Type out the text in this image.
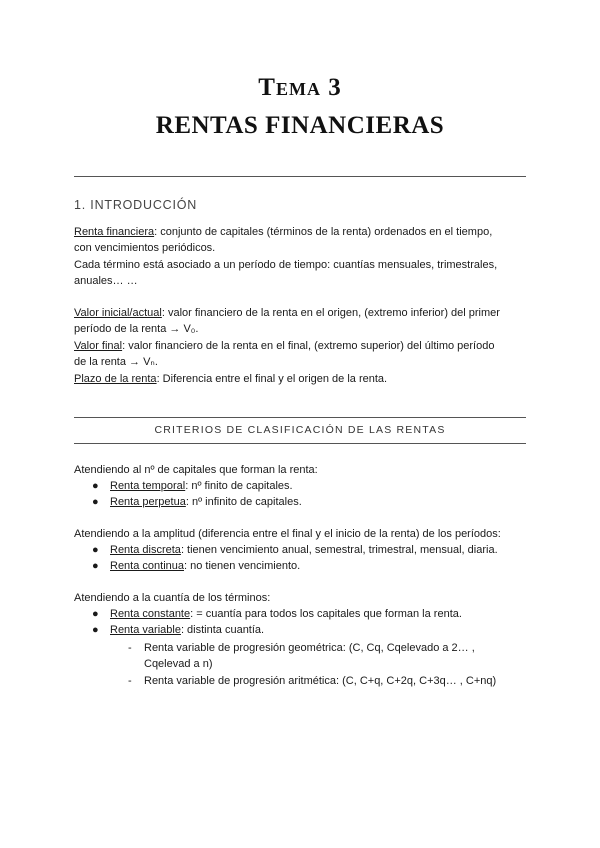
Tema 3
RENTAS FINANCIERAS
1. INTRODUCCIÓN

Renta financiera: conjunto de capitales (términos de la renta) ordenados en el tiempo,
con vencimientos periódicos.

Cada término está asociado a un período de tiempo: cuantías mensuales, trimestrales,
anuales… …

Valor inicial/actual: valor financiero de la renta en el origen, (extremo inferior) del primer
período de la renta → V₀.

Valor final: valor financiero de la renta en el final, (extremo superior) del último período
de la renta → Vₙ.

Plazo de la renta: Diferencia entre el final y el origen de la renta.

CRITERIOS DE CLASIFICACIÓN DE LAS RENTAS

Atendiendo al nº de capitales que forman la renta:

● Renta temporal: nº finito de capitales.
● Renta perpetua: nº infinito de capitales.

Atendiendo a la amplitud (diferencia entre el final y el inicio de la renta) de los períodos:

● Renta discreta: tienen vencimiento anual, semestral, trimestral, mensual, diaria.
● Renta continua: no tienen vencimiento.

Atendiendo a la cuantía de los términos:

● Renta constante: = cuantía para todos los capitales que forman la renta.
● Renta variable: distinta cuantía.
- Renta variable de progresión geométrica: (C, Cq, Cqelevado a 2… ,
Cqelevad a n)
- Renta variable de progresión aritmética: (C, C+q, C+2q, C+3q… , C+nq)
